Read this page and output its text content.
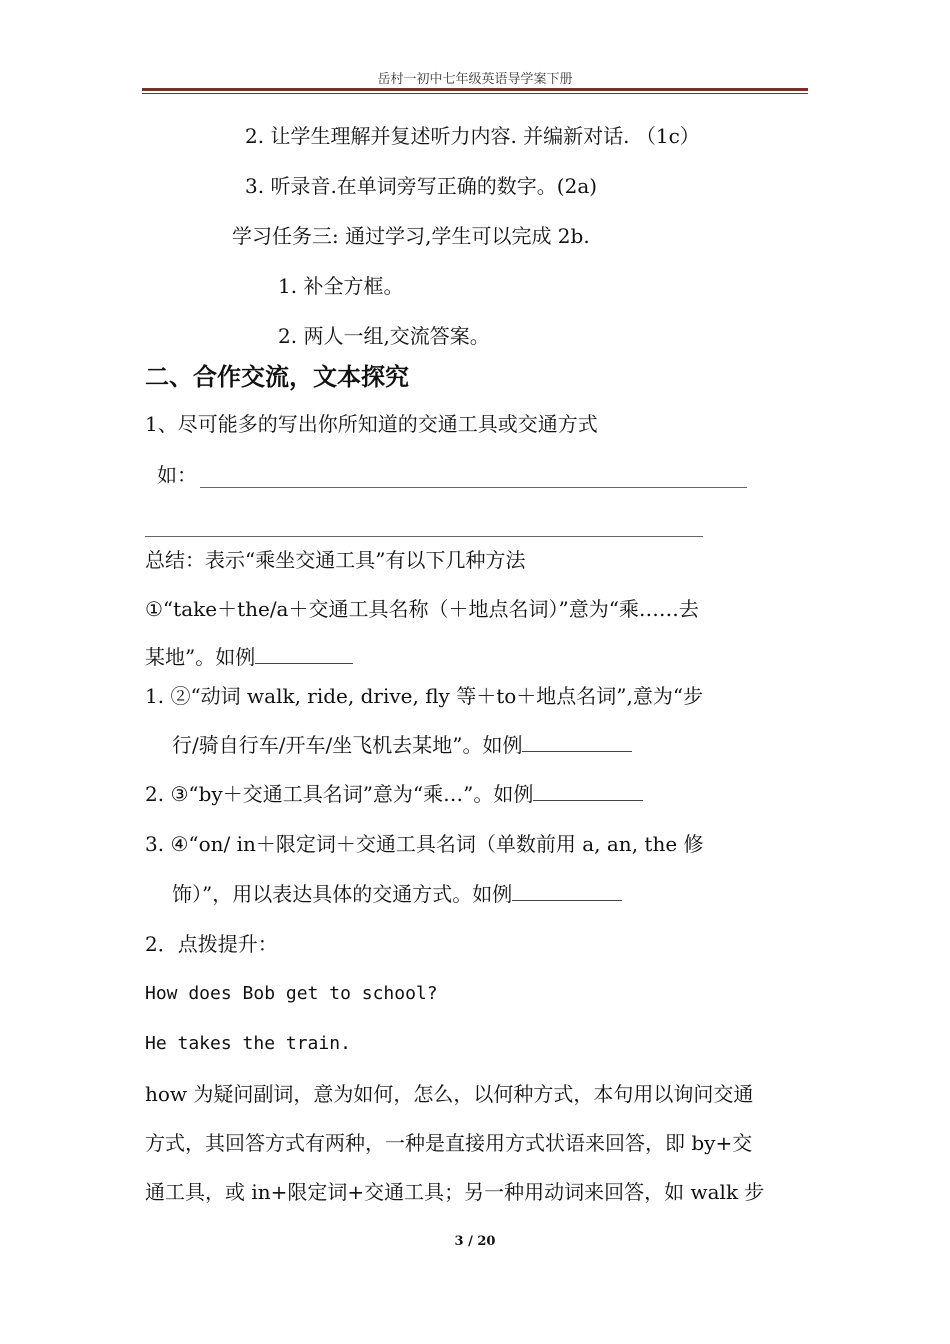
岳村一初中七年级英语导学案下册
2. 让学生理解并复述听力内容. 并编新对话. （1c）
3. 听录音.在单词旁写正确的数字。(2a)
学习任务三: 通过学习,学生可以完成 2b.
1. 补全方框。
2. 两人一组,交流答案。
二、合作交流，文本探究
1、尽可能多的写出你所知道的交通工具或交通方式
如：
总结：表示“乘坐交通工具”有以下几种方法
①“take＋the/a＋交通工具名称（＋地点名词）”意为“乘……去
某地”。如例
1. ②“动词 walk, ride, drive, fly 等＋to＋地点名词”,意为“步
行/骑自行车/开车/坐飞机去某地”。如例
2. ③“by＋交通工具名词”意为“乘…”。如例
3. ④“on/ in＋限定词＋交通工具名词（单数前用 a, an, the 修
饰）”，用以表达具体的交通方式。如例
2．点拨提升：
How does Bob get to school?
He takes the train.
how 为疑问副词，意为如何，怎么，以何种方式，本句用以询问交通
方式，其回答方式有两种，一种是直接用方式状语来回答，即 by+交
通工具，或 in+限定词+交通工具；另一种用动词来回答，如 walk 步
3 / 20
